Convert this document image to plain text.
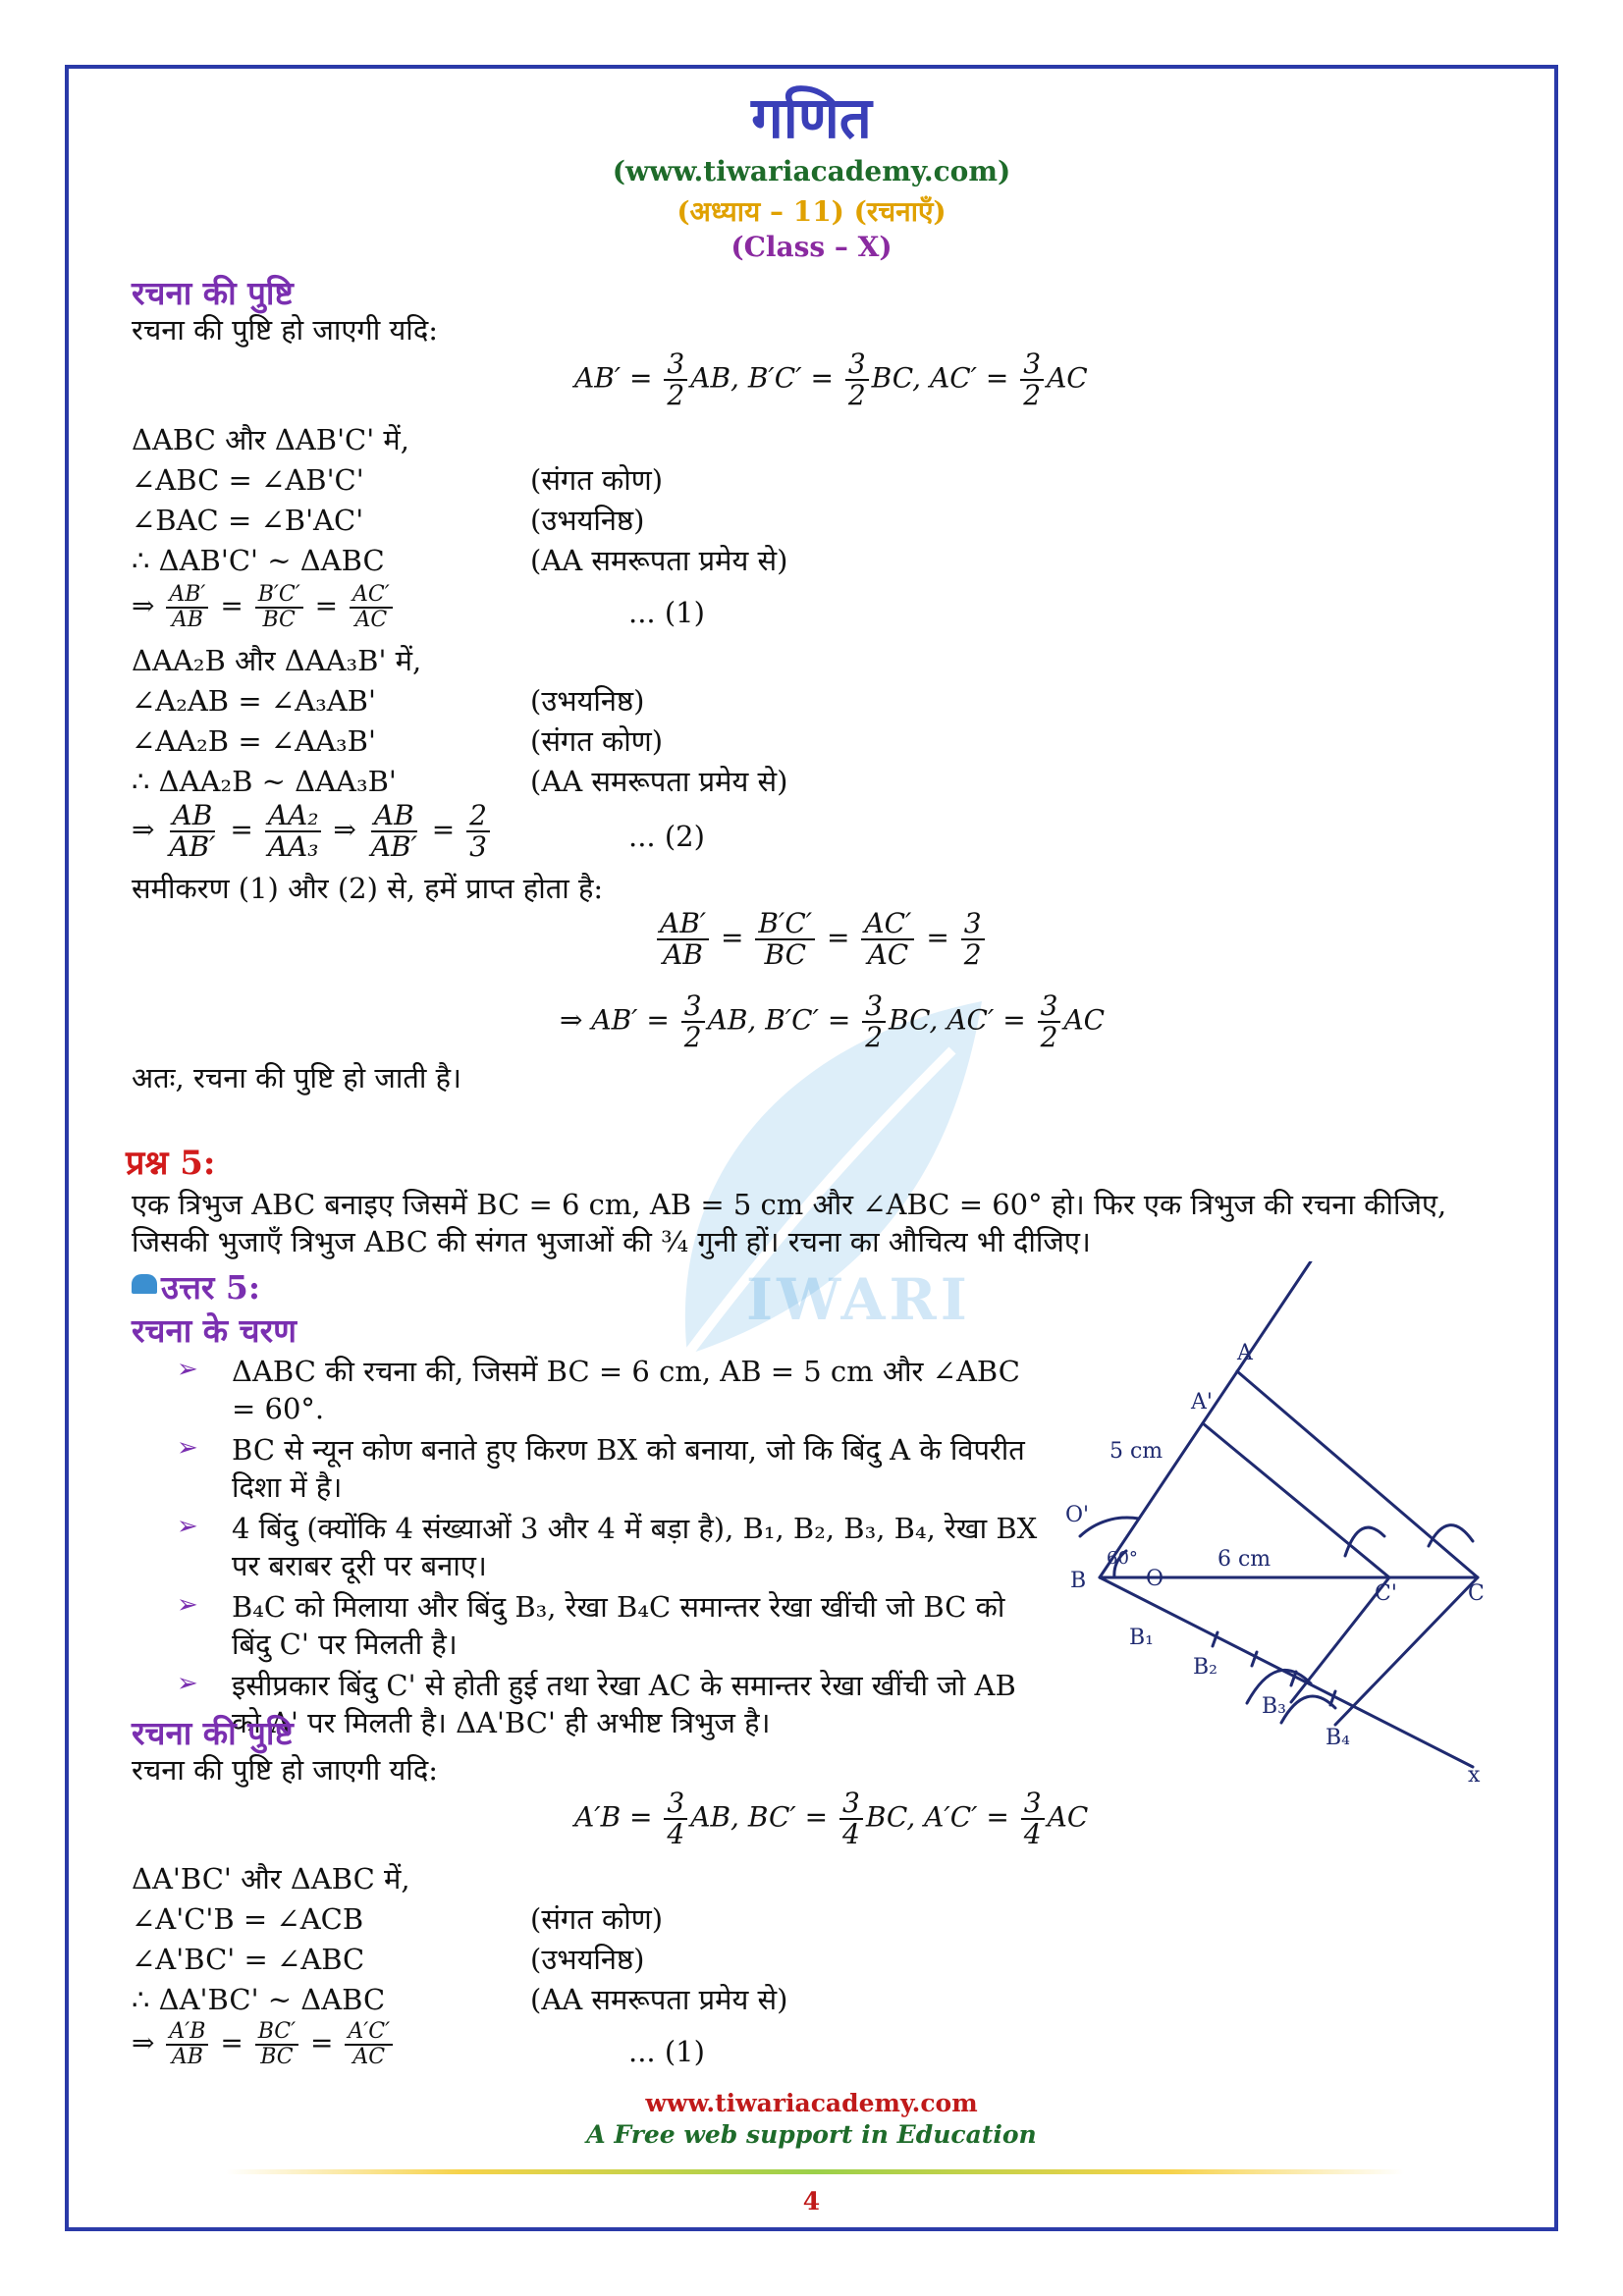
IWARI
गणित
(www.tiwariacademy.com)
(अध्याय – 11) (रचनाएँ)
(Class – X)
रचना की पुष्टि
रचना की पुष्टि हो जाएगी यदि:
$AB' = \frac{3}{2}$ AB, $B'C' = \frac{3}{2}$ BC, $AC' = \frac{3}{2}$ AC
ΔABC और ΔAB'C' में,
∠ABC = ∠AB'C'	(संगत कोण)
∠BAC = ∠B'AC'	(उभयनिष्ठ)
∴ ΔAB'C' ~ ΔABC	(AA समरूपता प्रमेय से)
⇒ $\frac{AB'}{AB} = \frac{B'C'}{BC} = \frac{AC'}{AC}$	... (1)
ΔAA₂B और ΔAA₃B' में,
∠A₂AB = ∠A₃AB'	(उभयनिष्ठ)
∠AA₂B = ∠AA₃B'	(संगत कोण)
∴ ΔAA₂B ~ ΔAA₃B'	(AA समरूपता प्रमेय से)
⇒ $\frac{AB}{AB'} = \frac{\text{AA₂}}{\text{AA₃}}$ ⇒ $\frac{AB}{AB'} = \frac{2}{3}$	... (2)
समीकरण (1) और (2) से, हमें प्राप्त होता है:
$\frac{AB'}{AB} = \frac{B'C'}{BC} = \frac{AC'}{AC} = \frac{3}{2}$
⇒ $AB' = \frac{3}{2}$ AB, $B'C' = \frac{3}{2}$ BC, $AC' = \frac{3}{2}$ AC
अतः, रचना की पुष्टि हो जाती है।
प्रश्न 5:
एक त्रिभुज ABC बनाइए जिसमें BC = 6 cm, AB = 5 cm और ∠ABC = 60° हो। फिर एक त्रिभुज की रचना कीजिए, जिसकी भुजाएँ त्रिभुज ABC की संगत भुजाओं की ¾ गुनी हों। रचना का औचित्य भी दीजिए।
उत्तर 5:
रचना के चरण
➢ ΔABC की रचना की, जिसमें BC = 6 cm, AB = 5 cm और ∠ABC = 60°.
➢ BC से न्यून कोण बनाते हुए किरण BX को बनाया, जो कि बिंदु A के विपरीत दिशा में है।
➢ 4 बिंदु (क्योंकि 4 संख्याओं 3 और 4 में बड़ा है), B₁, B₂, B₃, B₄, रेखा BX पर बराबर दूरी पर बनाए।
➢ B₄C को मिलाया और बिंदु B₃, रेखा B₄C समान्तर रेखा खींची जो BC को बिंदु C' पर मिलती है।
➢ इसीप्रकार बिंदु C' से होती हुई तथा रेखा AC के समान्तर रेखा खींची जो AB को A' पर मिलती है। ΔA'BC' ही अभीष्ट त्रिभुज है।
A
A'
O'
B	O
C'	C
B₁
B₂
B₃
B₄
x
5 cm
6 cm
60°
रचना की पुष्टि
रचना की पुष्टि हो जाएगी यदि:
$A'B = \frac{3}{4}$ AB, $BC' = \frac{3}{4}$ BC, $A'C' = \frac{3}{4}$ AC
ΔA'BC' और ΔABC में,
∠A'C'B = ∠ACB	(संगत कोण)
∠A'BC' = ∠ABC	(उभयनिष्ठ)
∴ ΔA'BC' ~ ΔABC	(AA समरूपता प्रमेय से)
⇒ $\frac{A'B}{AB} = \frac{BC'}{BC} = \frac{A'C'}{AC}$	... (1)
www.tiwariacademy.com
A Free web support in Education
4
